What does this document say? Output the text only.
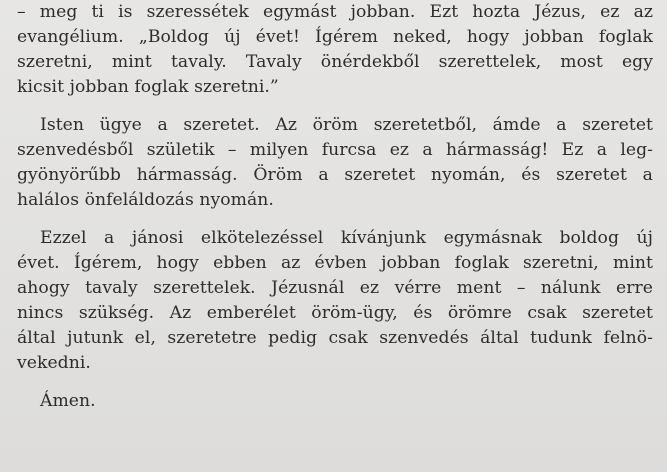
– meg ti is szeressétek egymást jobban. Ezt hozta Jézus, ez az
evangélium. „Boldog új évet! Ígérem neked, hogy jobban foglak
szeretni, mint tavaly. Tavaly önérdekből szerettelek, most egy
kicsit jobban foglak szeretni.”

Isten ügye a szeretet. Az öröm szeretetből, ámde a szeretet
szenvedésből születik – milyen furcsa ez a hármasság! Ez a leg-
gyönyörűbb hármasság. Öröm a szeretet nyomán, és szeretet a
halálos önfeláldozás nyomán.

Ezzel a jánosi elkötelezéssel kívánjunk egymásnak boldog új
évet. Ígérem, hogy ebben az évben jobban foglak szeretni, mint
ahogy tavaly szerettelek. Jézusnál ez vérre ment – nálunk erre
nincs szükség. Az emberélet öröm-ügy, és örömre csak szeretet
által jutunk el, szeretetre pedig csak szenvedés által tudunk felnö-
vekedni.

Ámen.
